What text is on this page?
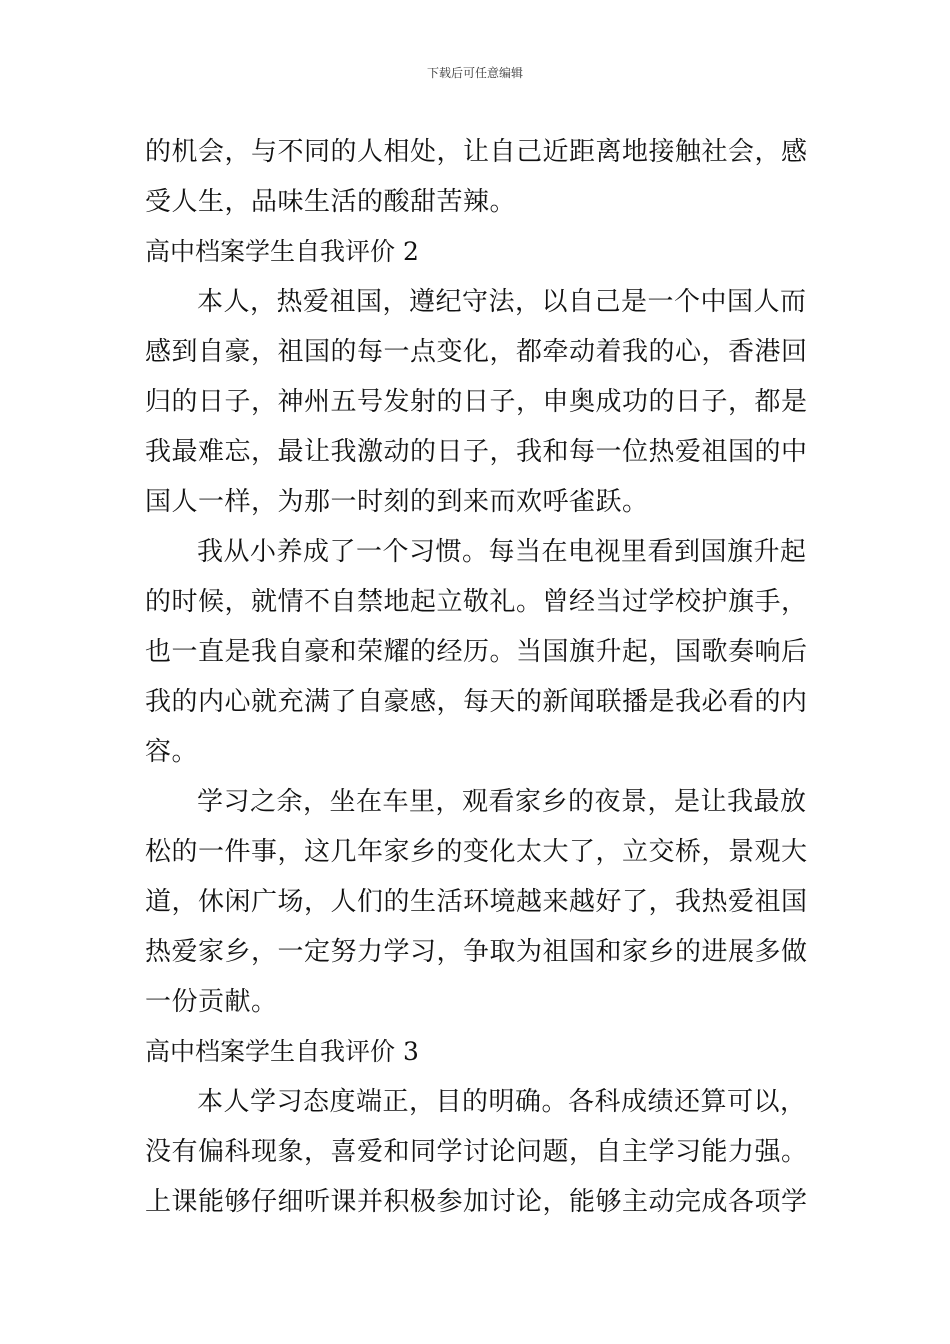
下载后可任意编辑
的机会，与不同的人相处，让自己近距离地接触社会，感
受人生，品味生活的酸甜苦辣。
高中档案学生自我评价 2
本人，热爱祖国，遵纪守法，以自己是一个中国人而
感到自豪，祖国的每一点变化，都牵动着我的心，香港回
归的日子，神州五号发射的日子，申奥成功的日子，都是
我最难忘，最让我激动的日子，我和每一位热爱祖国的中
国人一样，为那一时刻的到来而欢呼雀跃。
我从小养成了一个习惯。每当在电视里看到国旗升起
的时候，就情不自禁地起立敬礼。曾经当过学校护旗手，
也一直是我自豪和荣耀的经历。当国旗升起，国歌奏响后
我的内心就充满了自豪感，每天的新闻联播是我必看的内
容。
学习之余，坐在车里，观看家乡的夜景，是让我最放
松的一件事，这几年家乡的变化太大了，立交桥，景观大
道，休闲广场，人们的生活环境越来越好了，我热爱祖国
热爱家乡，一定努力学习，争取为祖国和家乡的进展多做
一份贡献。
高中档案学生自我评价 3
本人学习态度端正，目的明确。各科成绩还算可以，
没有偏科现象，喜爱和同学讨论问题，自主学习能力强。
上课能够仔细听课并积极参加讨论，能够主动完成各项学
